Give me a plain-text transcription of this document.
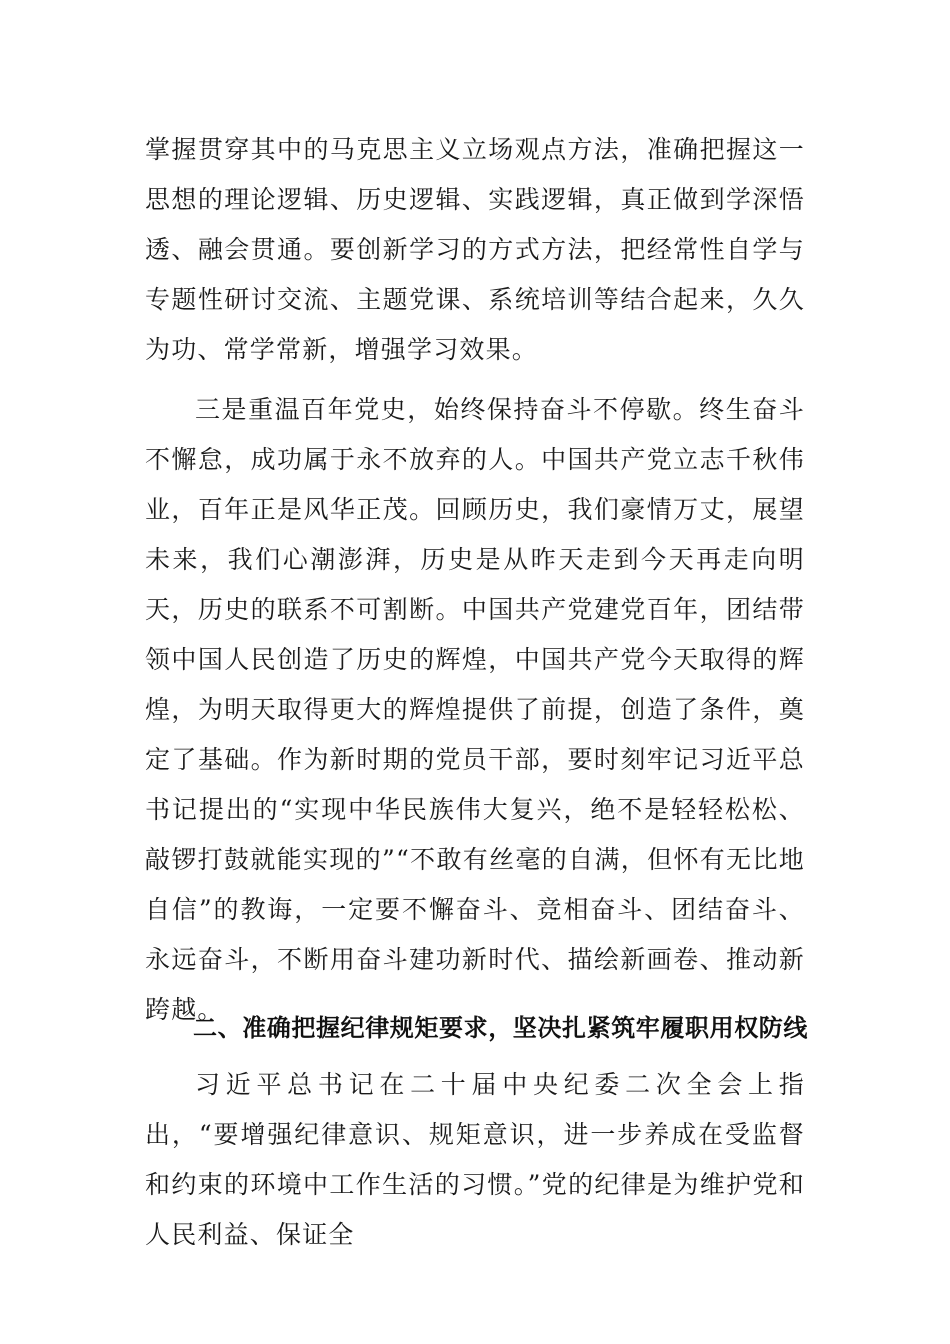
掌握贯穿其中的马克思主义立场观点方法，准确把握这一思想的理论逻辑、历史逻辑、实践逻辑，真正做到学深悟透、融会贯通。要创新学习的方式方法，把经常性自学与专题性研讨交流、主题党课、系统培训等结合起来，久久为功、常学常新，增强学习效果。
三是重温百年党史，始终保持奋斗不停歇。终生奋斗不懈怠，成功属于永不放弃的人。中国共产党立志千秋伟业，百年正是风华正茂。回顾历史，我们豪情万丈，展望未来，我们心潮澎湃，历史是从昨天走到今天再走向明天，历史的联系不可割断。中国共产党建党百年，团结带领中国人民创造了历史的辉煌，中国共产党今天取得的辉煌，为明天取得更大的辉煌提供了前提，创造了条件，奠定了基础。作为新时期的党员干部，要时刻牢记习近平总书记提出的“实现中华民族伟大复兴，绝不是轻轻松松、敲锣打鼓就能实现的”“不敢有丝毫的自满，但怀有无比地自信”的教诲，一定要不懈奋斗、竞相奋斗、团结奋斗、永远奋斗，不断用奋斗建功新时代、描绘新画卷、推动新跨越。
二、准确把握纪律规矩要求，坚决扎紧筑牢履职用权防线
习近平总书记在二十届中央纪委二次全会上指出，“要增强纪律意识、规矩意识，进一步养成在受监督和约束的环境中工作生活的习惯。”党的纪律是为维护党和人民利益、保证全
